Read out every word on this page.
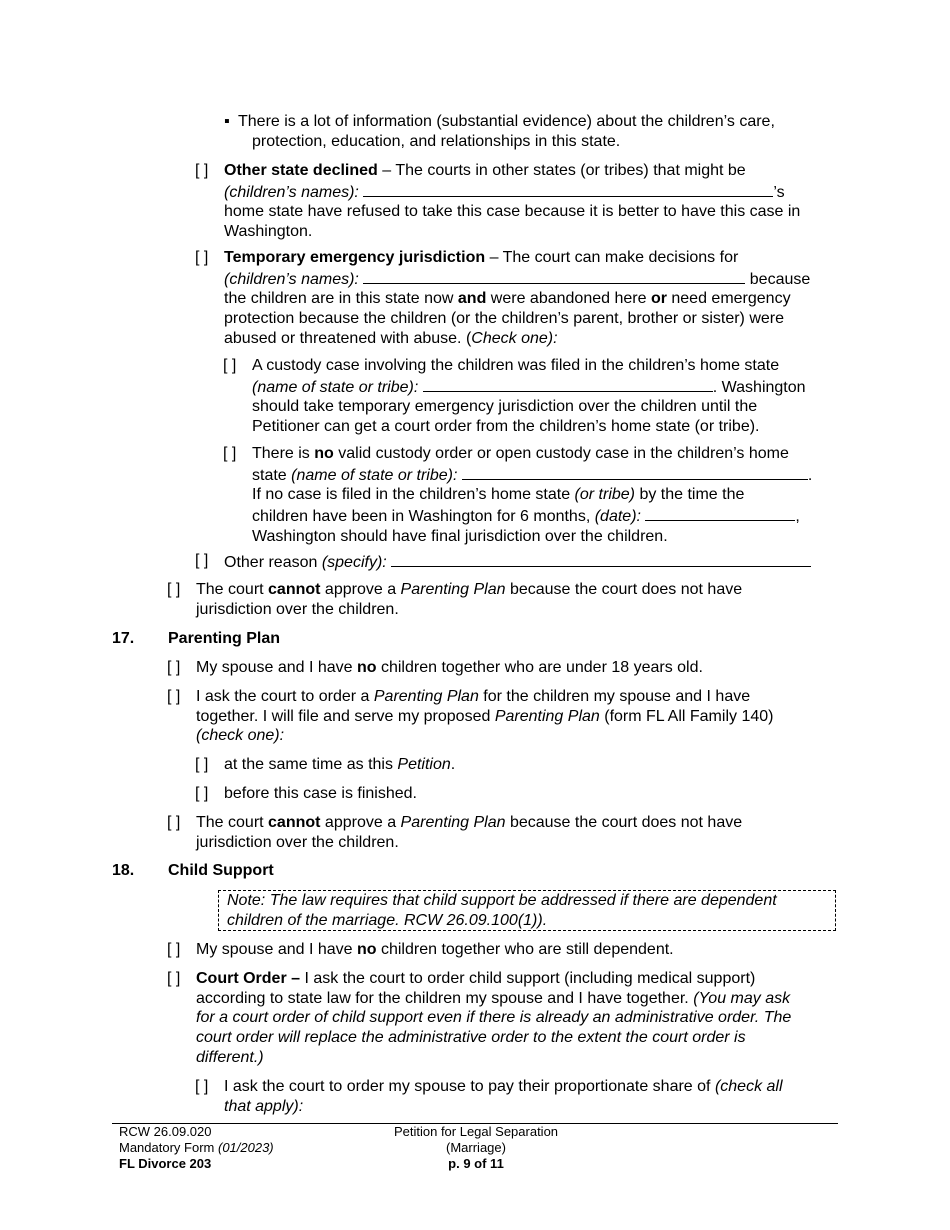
▪ There is a lot of information (substantial evidence) about the children’s care,
protection, education, and relationships in this state.
[ ] Other state declined – The courts in other states (or tribes) that might be
(children’s names):	’s
home state have refused to take this case because it is better to have this case in
Washington.
[ ] Temporary emergency jurisdiction – The court can make decisions for
(children’s names):	because
the children are in this state now and were abandoned here or need emergency
protection because the children (or the children’s parent, brother or sister) were
abused or threatened with abuse. (Check one):
[ ] A custody case involving the children was filed in the children’s home state
(name of state or tribe):	. Washington
should take temporary emergency jurisdiction over the children until the
Petitioner can get a court order from the children’s home state (or tribe).
[ ] There is no valid custody order or open custody case in the children’s home
state (name of state or tribe):	.
If no case is filed in the children’s home state (or tribe) by the time the
children have been in Washington for 6 months, (date):	,
Washington should have final jurisdiction over the children.
[ ] Other reason (specify):
[ ] The court cannot approve a Parenting Plan because the court does not have
jurisdiction over the children.
17. Parenting Plan
[ ] My spouse and I have no children together who are under 18 years old.
[ ] I ask the court to order a Parenting Plan for the children my spouse and I have
together. I will file and serve my proposed Parenting Plan (form FL All Family 140)
(check one):
[ ] at the same time as this Petition.
[ ] before this case is finished.
[ ] The court cannot approve a Parenting Plan because the court does not have
jurisdiction over the children.
18. Child Support
Note: The law requires that child support be addressed if there are dependent
children of the marriage. RCW 26.09.100(1)).
[ ] My spouse and I have no children together who are still dependent.
[ ] Court Order – I ask the court to order child support (including medical support)
according to state law for the children my spouse and I have together. (You may ask
for a court order of child support even if there is already an administrative order. The
court order will replace the administrative order to the extent the court order is
different.)
[ ] I ask the court to order my spouse to pay their proportionate share of (check all
that apply):
RCW 26.09.020
Mandatory Form (01/2023)
FL Divorce 203
Petition for Legal Separation
(Marriage)
p. 9 of 11
